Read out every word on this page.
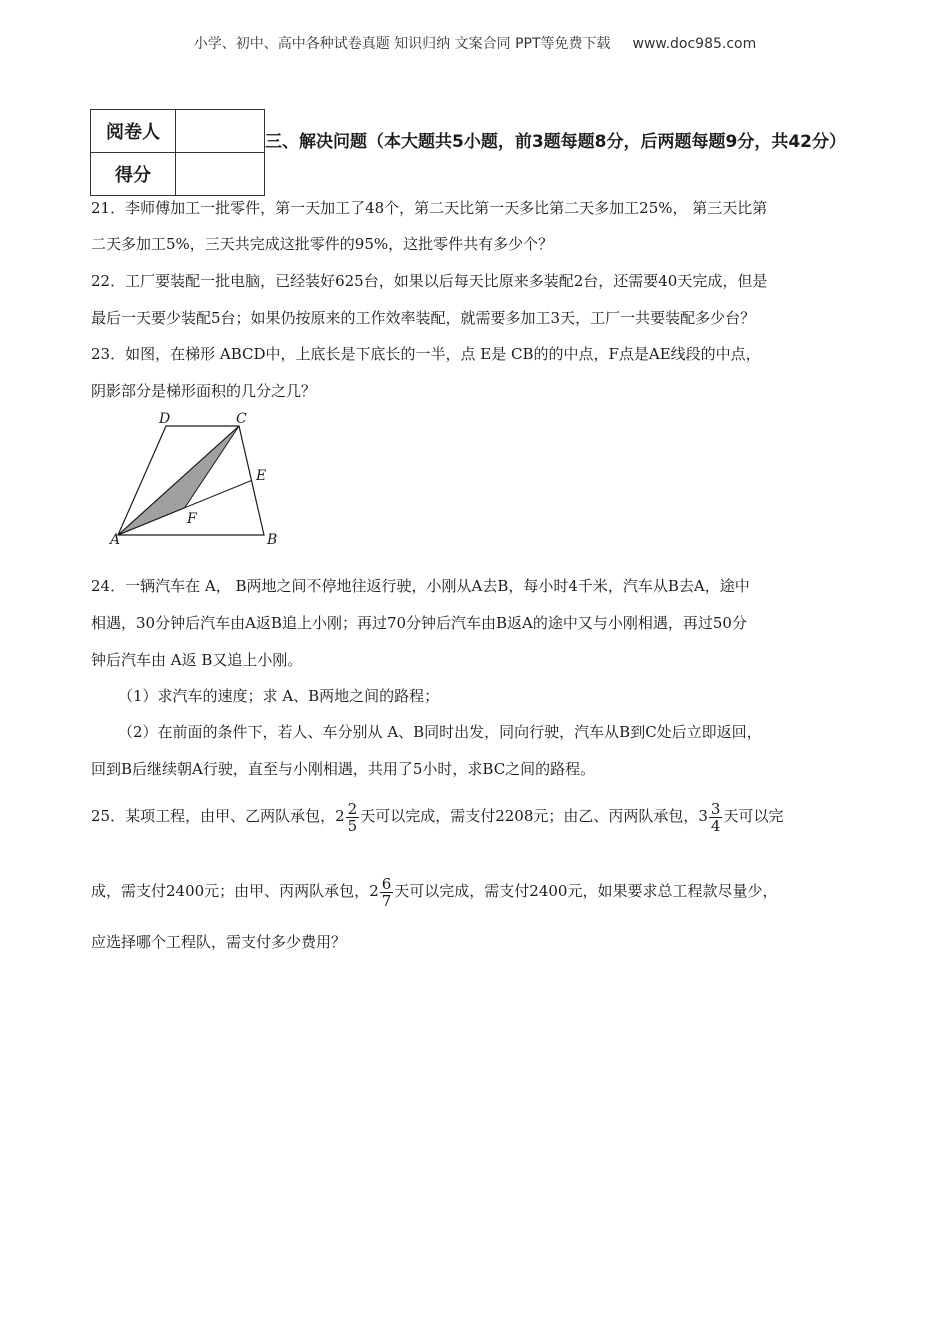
小学、初中、高中各种试卷真题 知识归纳 文案合同 PPT等免费下载 www.doc985.com
阅卷人	
得分	
三、解决问题（本大题共5小题，前3题每题8分，后两题每题9分，共42分）
21．李师傅加工一批零件，第一天加工了48个，第二天比第一天多比第二天多加工25%， 第三天比第
二天多加工5%，三天共完成这批零件的95%，这批零件共有多少个？
22．工厂要装配一批电脑，已经装好625台，如果以后每天比原来多装配2台，还需要40天完成，但是
最后一天要少装配5台；如果仍按原来的工作效率装配，就需要多加工3天，工厂一共要装配多少台？
23．如图，在梯形 ABCD中，上底长是下底长的一半，点 E是 CB的的中点，F点是AE线段的中点，
阴影部分是梯形面积的几分之几？
D	C
E
F
A	B
24．一辆汽车在 A， B两地之间不停地往返行驶，小刚从A去B，每小时4千米，汽车从B去A，途中
相遇，30分钟后汽车由A返B追上小刚；再过70分钟后汽车由B返A的途中又与小刚相遇，再过50分
钟后汽车由 A返 B又追上小刚。
（1）求汽车的速度；求 A、B两地之间的路程；
（2）在前面的条件下，若人、车分别从 A、B同时出发，同向行驶，汽车从B到C处后立即返回，
回到B后继续朝A行驶，直至与小刚相遇，共用了5小时，求BC之间的路程。
25．某项工程，由甲、乙两队承包，$2 \frac{2}{5}$ 天可以完成，需支付2208元；由乙、丙两队承包，$3 \frac{3}{4}$ 天可以完
成，需支付2400元；由甲、丙两队承包，$2 \frac{6}{7}$ 天可以完成，需支付2400元，如果要求总工程款尽量少，
应选择哪个工程队，需支付多少费用？
